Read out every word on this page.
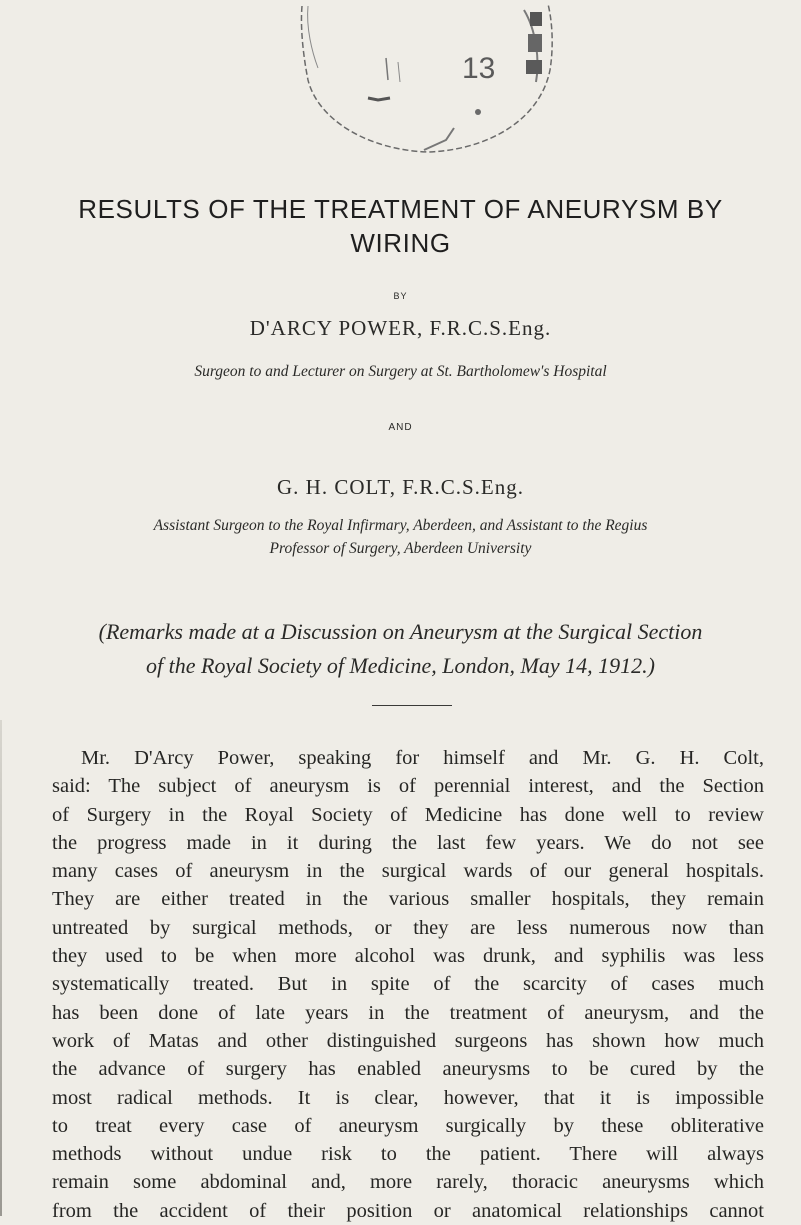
13
RESULTS OF THE TREATMENT OF ANEURYSM BY
WIRING
BY
D'ARCY POWER, F.R.C.S.Eng.
Surgeon to and Lecturer on Surgery at St. Bartholomew's Hospital
AND
G. H. COLT, F.R.C.S.Eng.
Assistant Surgeon to the Royal Infirmary, Aberdeen, and Assistant to the Regius
Professor of Surgery, Aberdeen University
(Remarks made at a Discussion on Aneurysm at the Surgical Section
of the Royal Society of Medicine, London, May 14, 1912.)
Mr. D'Arcy Power, speaking for himself and Mr. G. H. Colt,
said: The subject of aneurysm is of perennial interest, and the Section
of Surgery in the Royal Society of Medicine has done well to review
the progress made in it during the last few years. We do not see
many cases of aneurysm in the surgical wards of our general hospitals.
They are either treated in the various smaller hospitals, they remain
untreated by surgical methods, or they are less numerous now than
they used to be when more alcohol was drunk, and syphilis was less
systematically treated. But in spite of the scarcity of cases much
has been done of late years in the treatment of aneurysm, and the
work of Matas and other distinguished surgeons has shown how much
the advance of surgery has enabled aneurysms to be cured by the
most radical methods. It is clear, however, that it is impossible
to treat every case of aneurysm surgically by these obliterative
methods without undue risk to the patient. There will always
remain some abdominal and, more rarely, thoracic aneurysms which
from the accident of their position or anatomical relationships cannot
